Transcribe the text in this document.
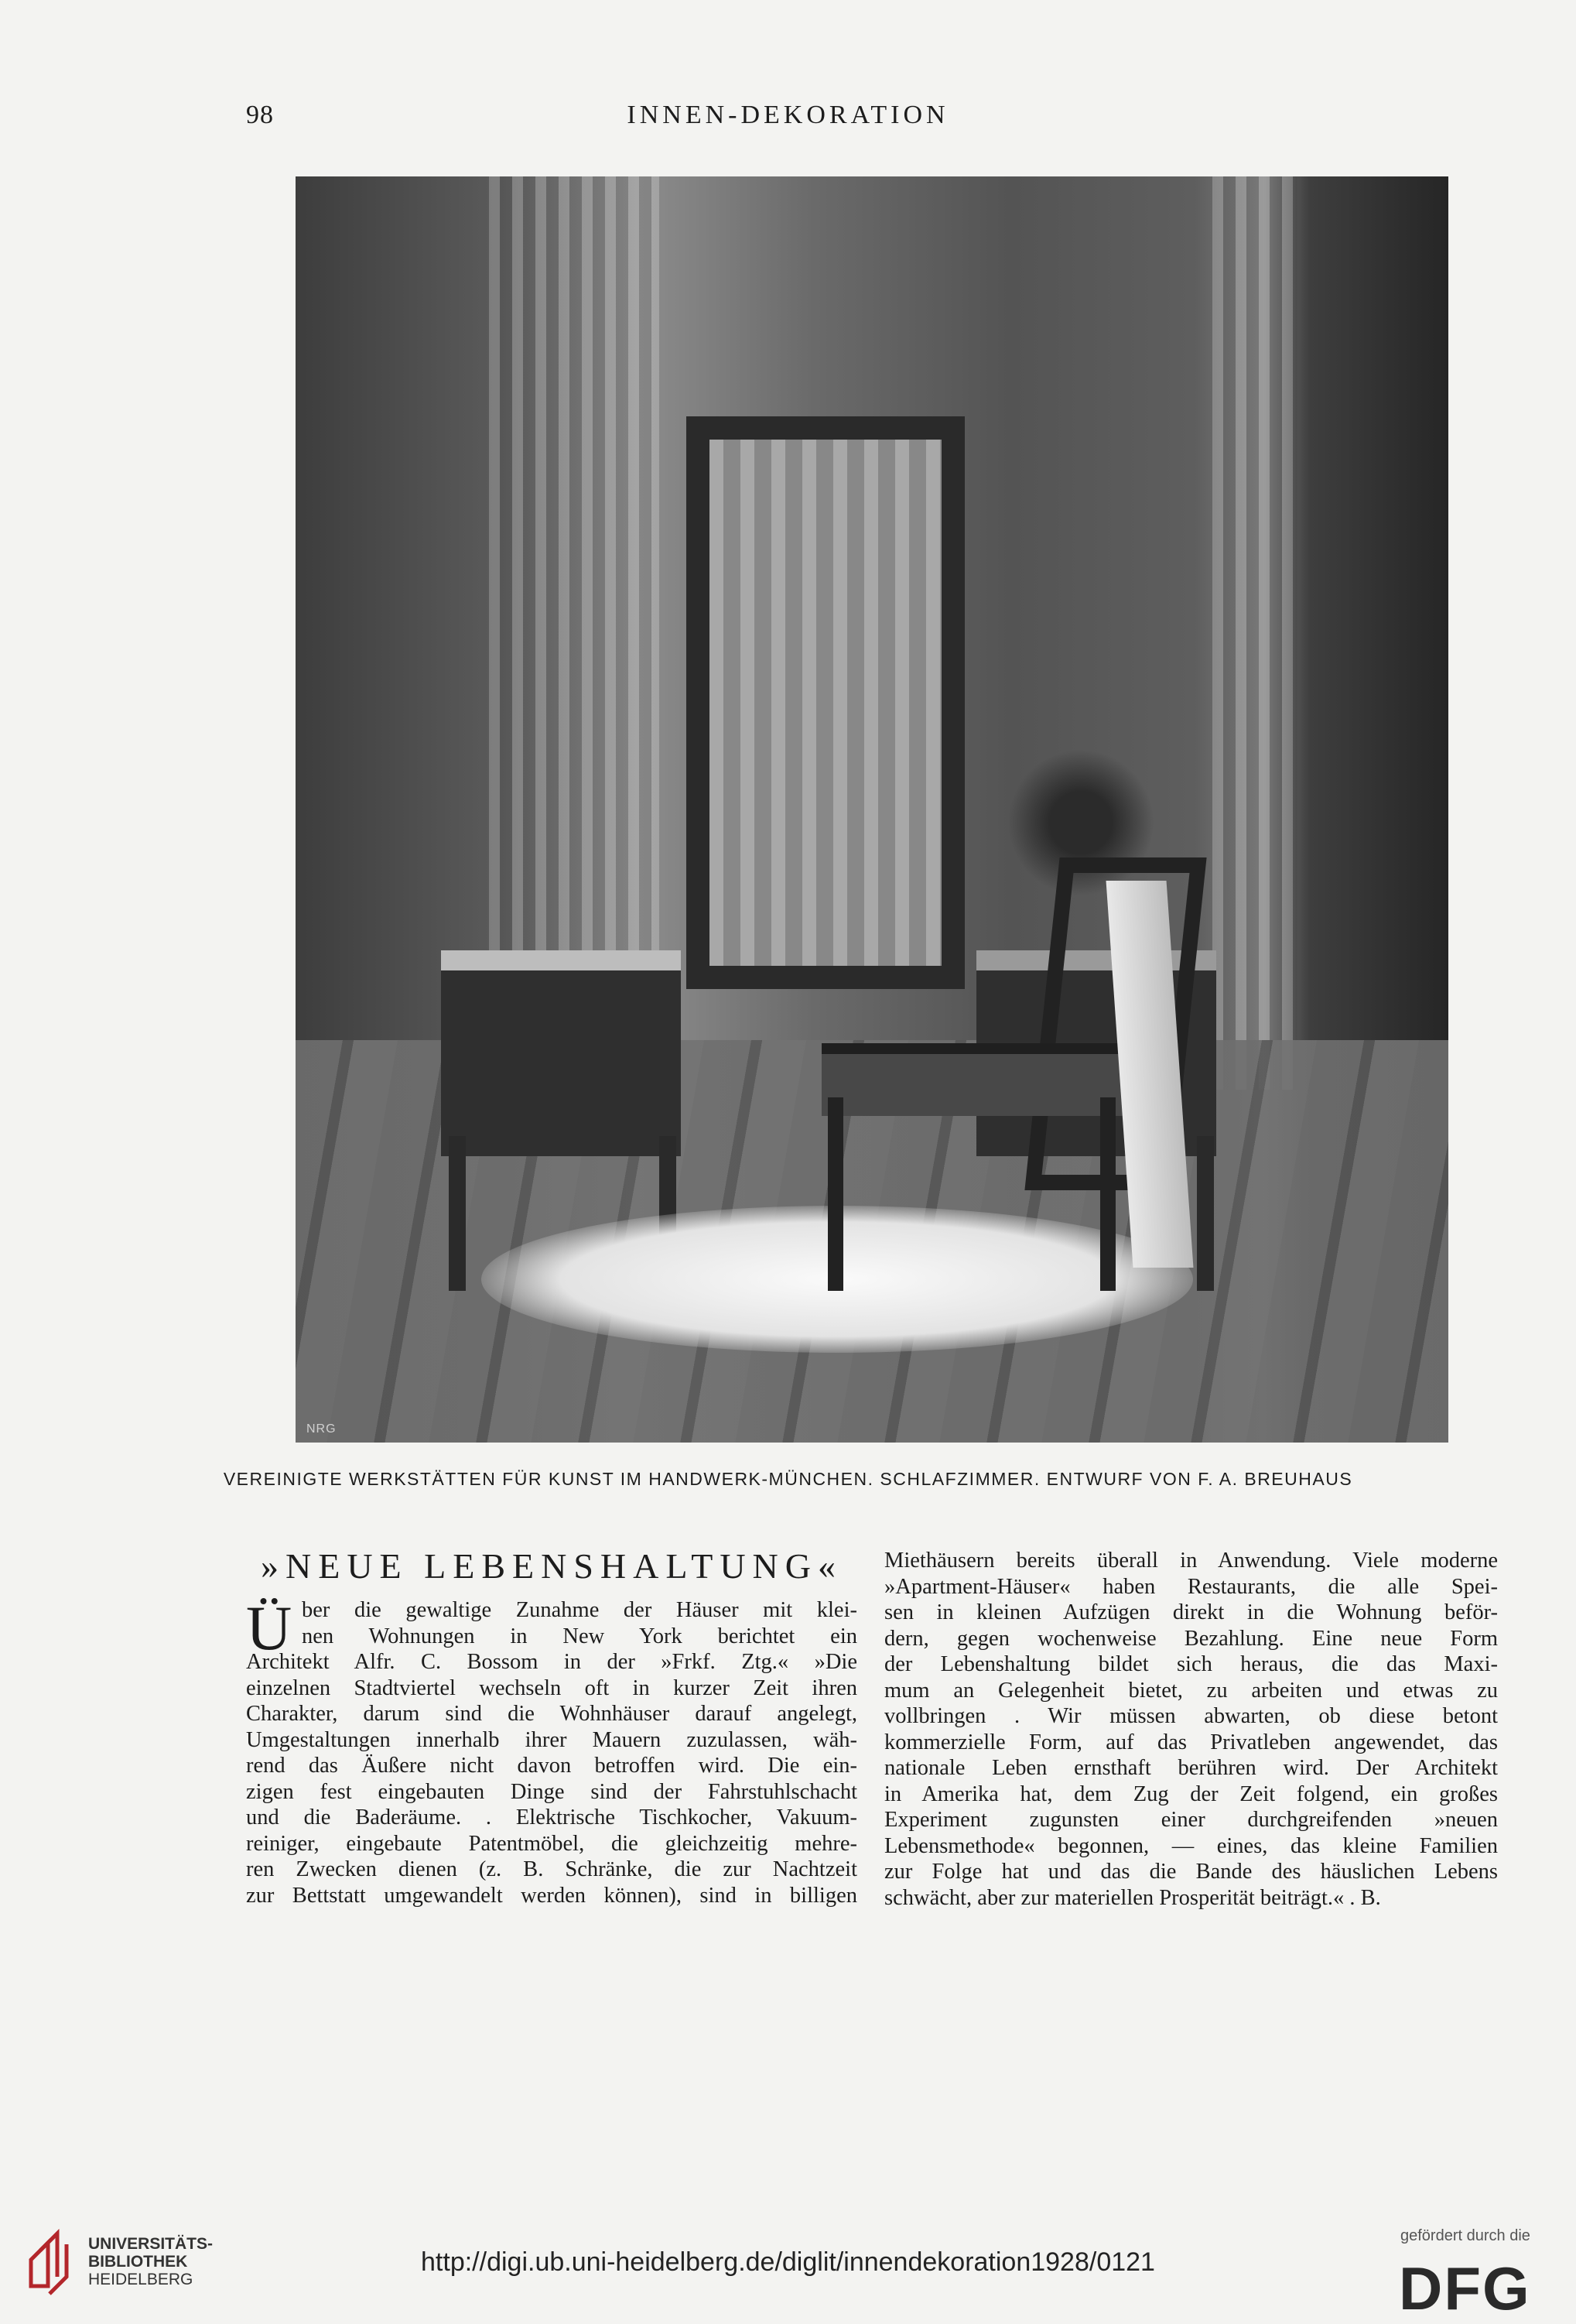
98	INNEN-DEKORATION
NRG
VEREINIGTE WERKSTÄTTEN FÜR KUNST IM HANDWERK-MÜNCHEN. SCHLAFZIMMER. ENTWURF VON F. A. BREUHAUS
»NEUE LEBENSHALTUNG«
Ü ber die gewaltige Zunahme der Häuser mit klei-
nen Wohnungen in New York berichtet ein
Architekt Alfr. C. Bossom in der »Frkf. Ztg.« »Die
einzelnen Stadtviertel wechseln oft in kurzer Zeit ihren
Charakter, darum sind die Wohnhäuser darauf angelegt,
Umgestaltungen innerhalb ihrer Mauern zuzulassen, wäh-
rend das Äußere nicht davon betroffen wird. Die ein-
zigen fest eingebauten Dinge sind der Fahrstuhlschacht
und die Baderäume. . Elektrische Tischkocher, Vakuum-
reiniger, eingebaute Patentmöbel, die gleichzeitig mehre-
ren Zwecken dienen (z. B. Schränke, die zur Nachtzeit
zur Bettstatt umgewandelt werden können), sind in billigen
Miethäusern bereits überall in Anwendung. Viele moderne
»Apartment-Häuser« haben Restaurants, die alle Spei-
sen in kleinen Aufzügen direkt in die Wohnung beför-
dern, gegen wochenweise Bezahlung. Eine neue Form
der Lebenshaltung bildet sich heraus, die das Maxi-
mum an Gelegenheit bietet, zu arbeiten und etwas zu
vollbringen . Wir müssen abwarten, ob diese betont
kommerzielle Form, auf das Privatleben angewendet, das
nationale Leben ernsthaft berühren wird. Der Architekt
in Amerika hat, dem Zug der Zeit folgend, ein großes
Experiment zugunsten einer durchgreifenden »neuen
Lebensmethode« begonnen, — eines, das kleine Familien
zur Folge hat und das die Bande des häuslichen Lebens
schwächt, aber zur materiellen Prosperität beiträgt.« . B.
UNIVERSITÄTS-
BIBLIOTHEK
HEIDELBERG
http://digi.ub.uni-heidelberg.de/diglit/innendekoration1928/0121
gefördert durch die
DFG
